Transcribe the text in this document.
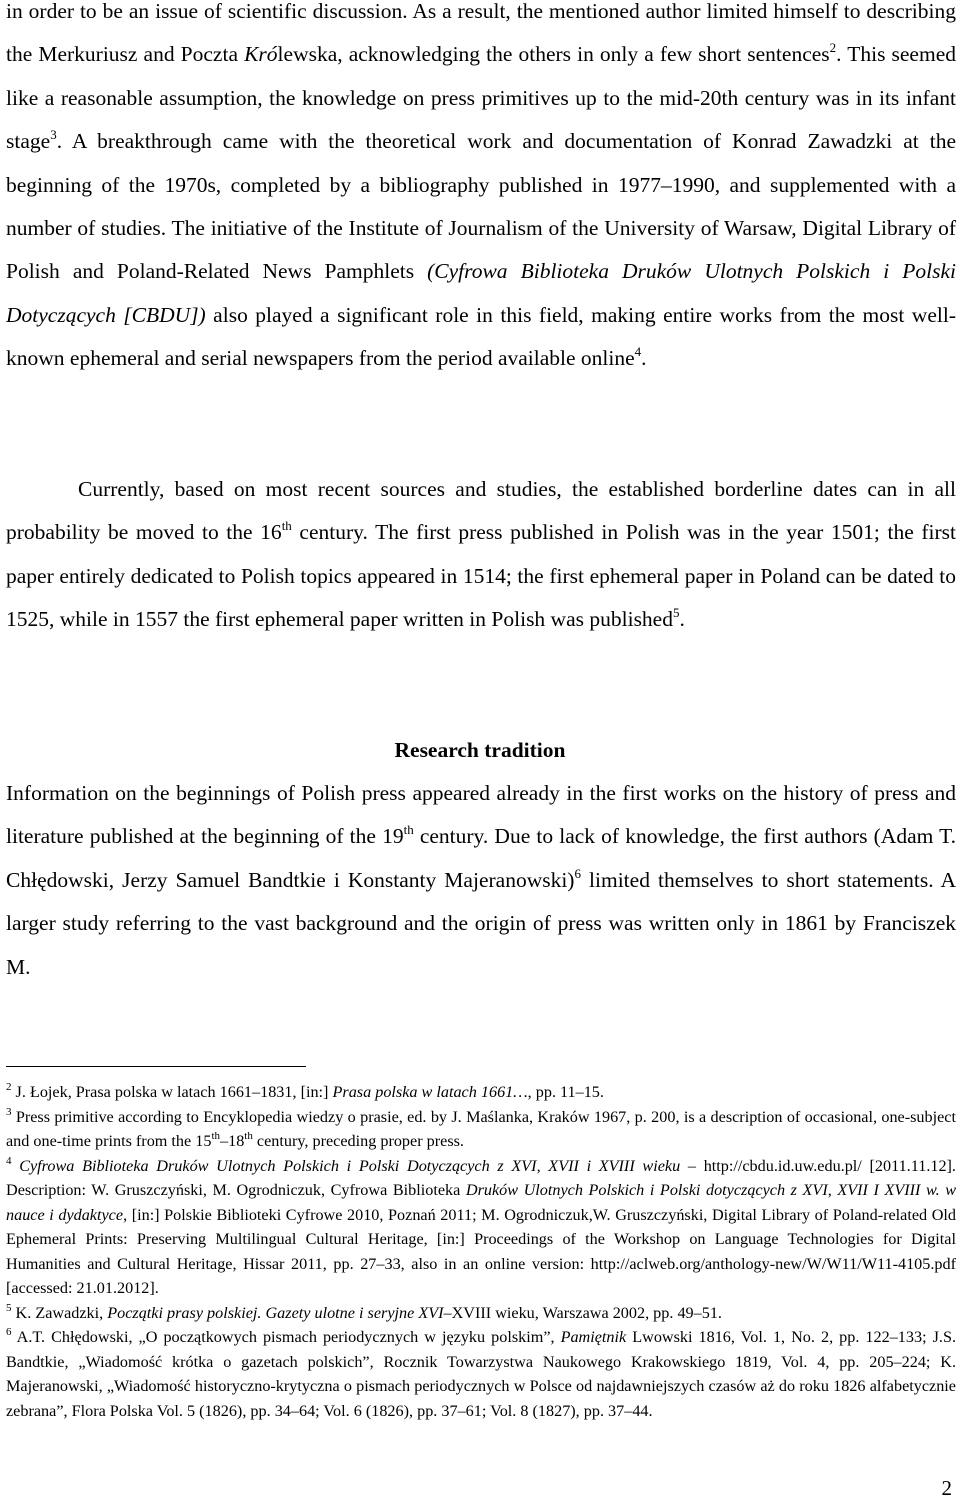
in order to be an issue of scientific discussion. As a result, the mentioned author limited himself to describing the Merkuriusz and Poczta Królewska, acknowledging the others in only a few short sentences$^2$. This seemed like a reasonable assumption, the knowledge on press primitives up to the mid-20th century was in its infant stage$^3$. A breakthrough came with the theoretical work and documentation of Konrad Zawadzki at the beginning of the 1970s, completed by a bibliography published in 1977–1990, and supplemented with a number of studies. The initiative of the Institute of Journalism of the University of Warsaw, Digital Library of Polish and Poland-Related News Pamphlets (Cyfrowa Biblioteka Druków Ulotnych Polskich i Polski Dotyczących [CBDU]) also played a significant role in this field, making entire works from the most well-known ephemeral and serial newspapers from the period available online$^4$.

Currently, based on most recent sources and studies, the established borderline dates can in all probability be moved to the 16th century. The first press published in Polish was in the year 1501; the first paper entirely dedicated to Polish topics appeared in 1514; the first ephemeral paper in Poland can be dated to 1525, while in 1557 the first ephemeral paper written in Polish was published$^5$.

Research tradition

Information on the beginnings of Polish press appeared already in the first works on the history of press and literature published at the beginning of the 19th century. Due to lack of knowledge, the first authors (Adam T. Chłędowski, Jerzy Samuel Bandtkie i Konstanty Majeranowski)$^6$ limited themselves to short statements. A larger study referring to the vast background and the origin of press was written only in 1861 by Franciszek M.

$^2$ J. Łojek, Prasa polska w latach 1661–1831, [in:] Prasa polska w latach 1661…, pp. 11–15.

$^3$ Press primitive according to Encyklopedia wiedzy o prasie, ed. by J. Maślanka, Kraków 1967, p. 200, is a description of occasional, one-subject and one-time prints from the 15th–18th century, preceding proper press.

$^4$ Cyfrowa Biblioteka Druków Ulotnych Polskich i Polski Dotyczących z XVI, XVII i XVIII wieku – http://cbdu.id.uw.edu.pl/ [2011.11.12]. Description: W. Gruszczyński, M. Ogrodniczuk, Cyfrowa Biblioteka Druków Ulotnych Polskich i Polski dotyczących z XVI, XVII I XVIII w. w nauce i dydaktyce, [in:] Polskie Biblioteki Cyfrowe 2010, Poznań 2011; M. Ogrodniczuk,W. Gruszczyński, Digital Library of Poland-related Old Ephemeral Prints: Preserving Multilingual Cultural Heritage, [in:] Proceedings of the Workshop on Language Technologies for Digital Humanities and Cultural Heritage, Hissar 2011, pp. 27–33, also in an online version: http://aclweb.org/anthology-new/W/W11/W11-4105.pdf [accessed: 21.01.2012].

$^5$ K. Zawadzki, Początki prasy polskiej. Gazety ulotne i seryjne XVI–XVIII wieku, Warszawa 2002, pp. 49–51.

$^6$ A.T. Chłędowski, „O początkowych pismach periodycznych w języku polskim”, Pamiętnik Lwowski 1816, Vol. 1, No. 2, pp. 122–133; J.S. Bandtkie, „Wiadomość krótka o gazetach polskich”, Rocznik Towarzystwa Naukowego Krakowskiego 1819, Vol. 4, pp. 205–224; K. Majeranowski, „Wiadomość historyczno-krytyczna o pismach periodycznych w Polsce od najdawniejszych czasów aż do roku 1826 alfabetycznie zebrana”, Flora Polska Vol. 5 (1826), pp. 34–64; Vol. 6 (1826), pp. 37–61; Vol. 8 (1827), pp. 37–44.

2
